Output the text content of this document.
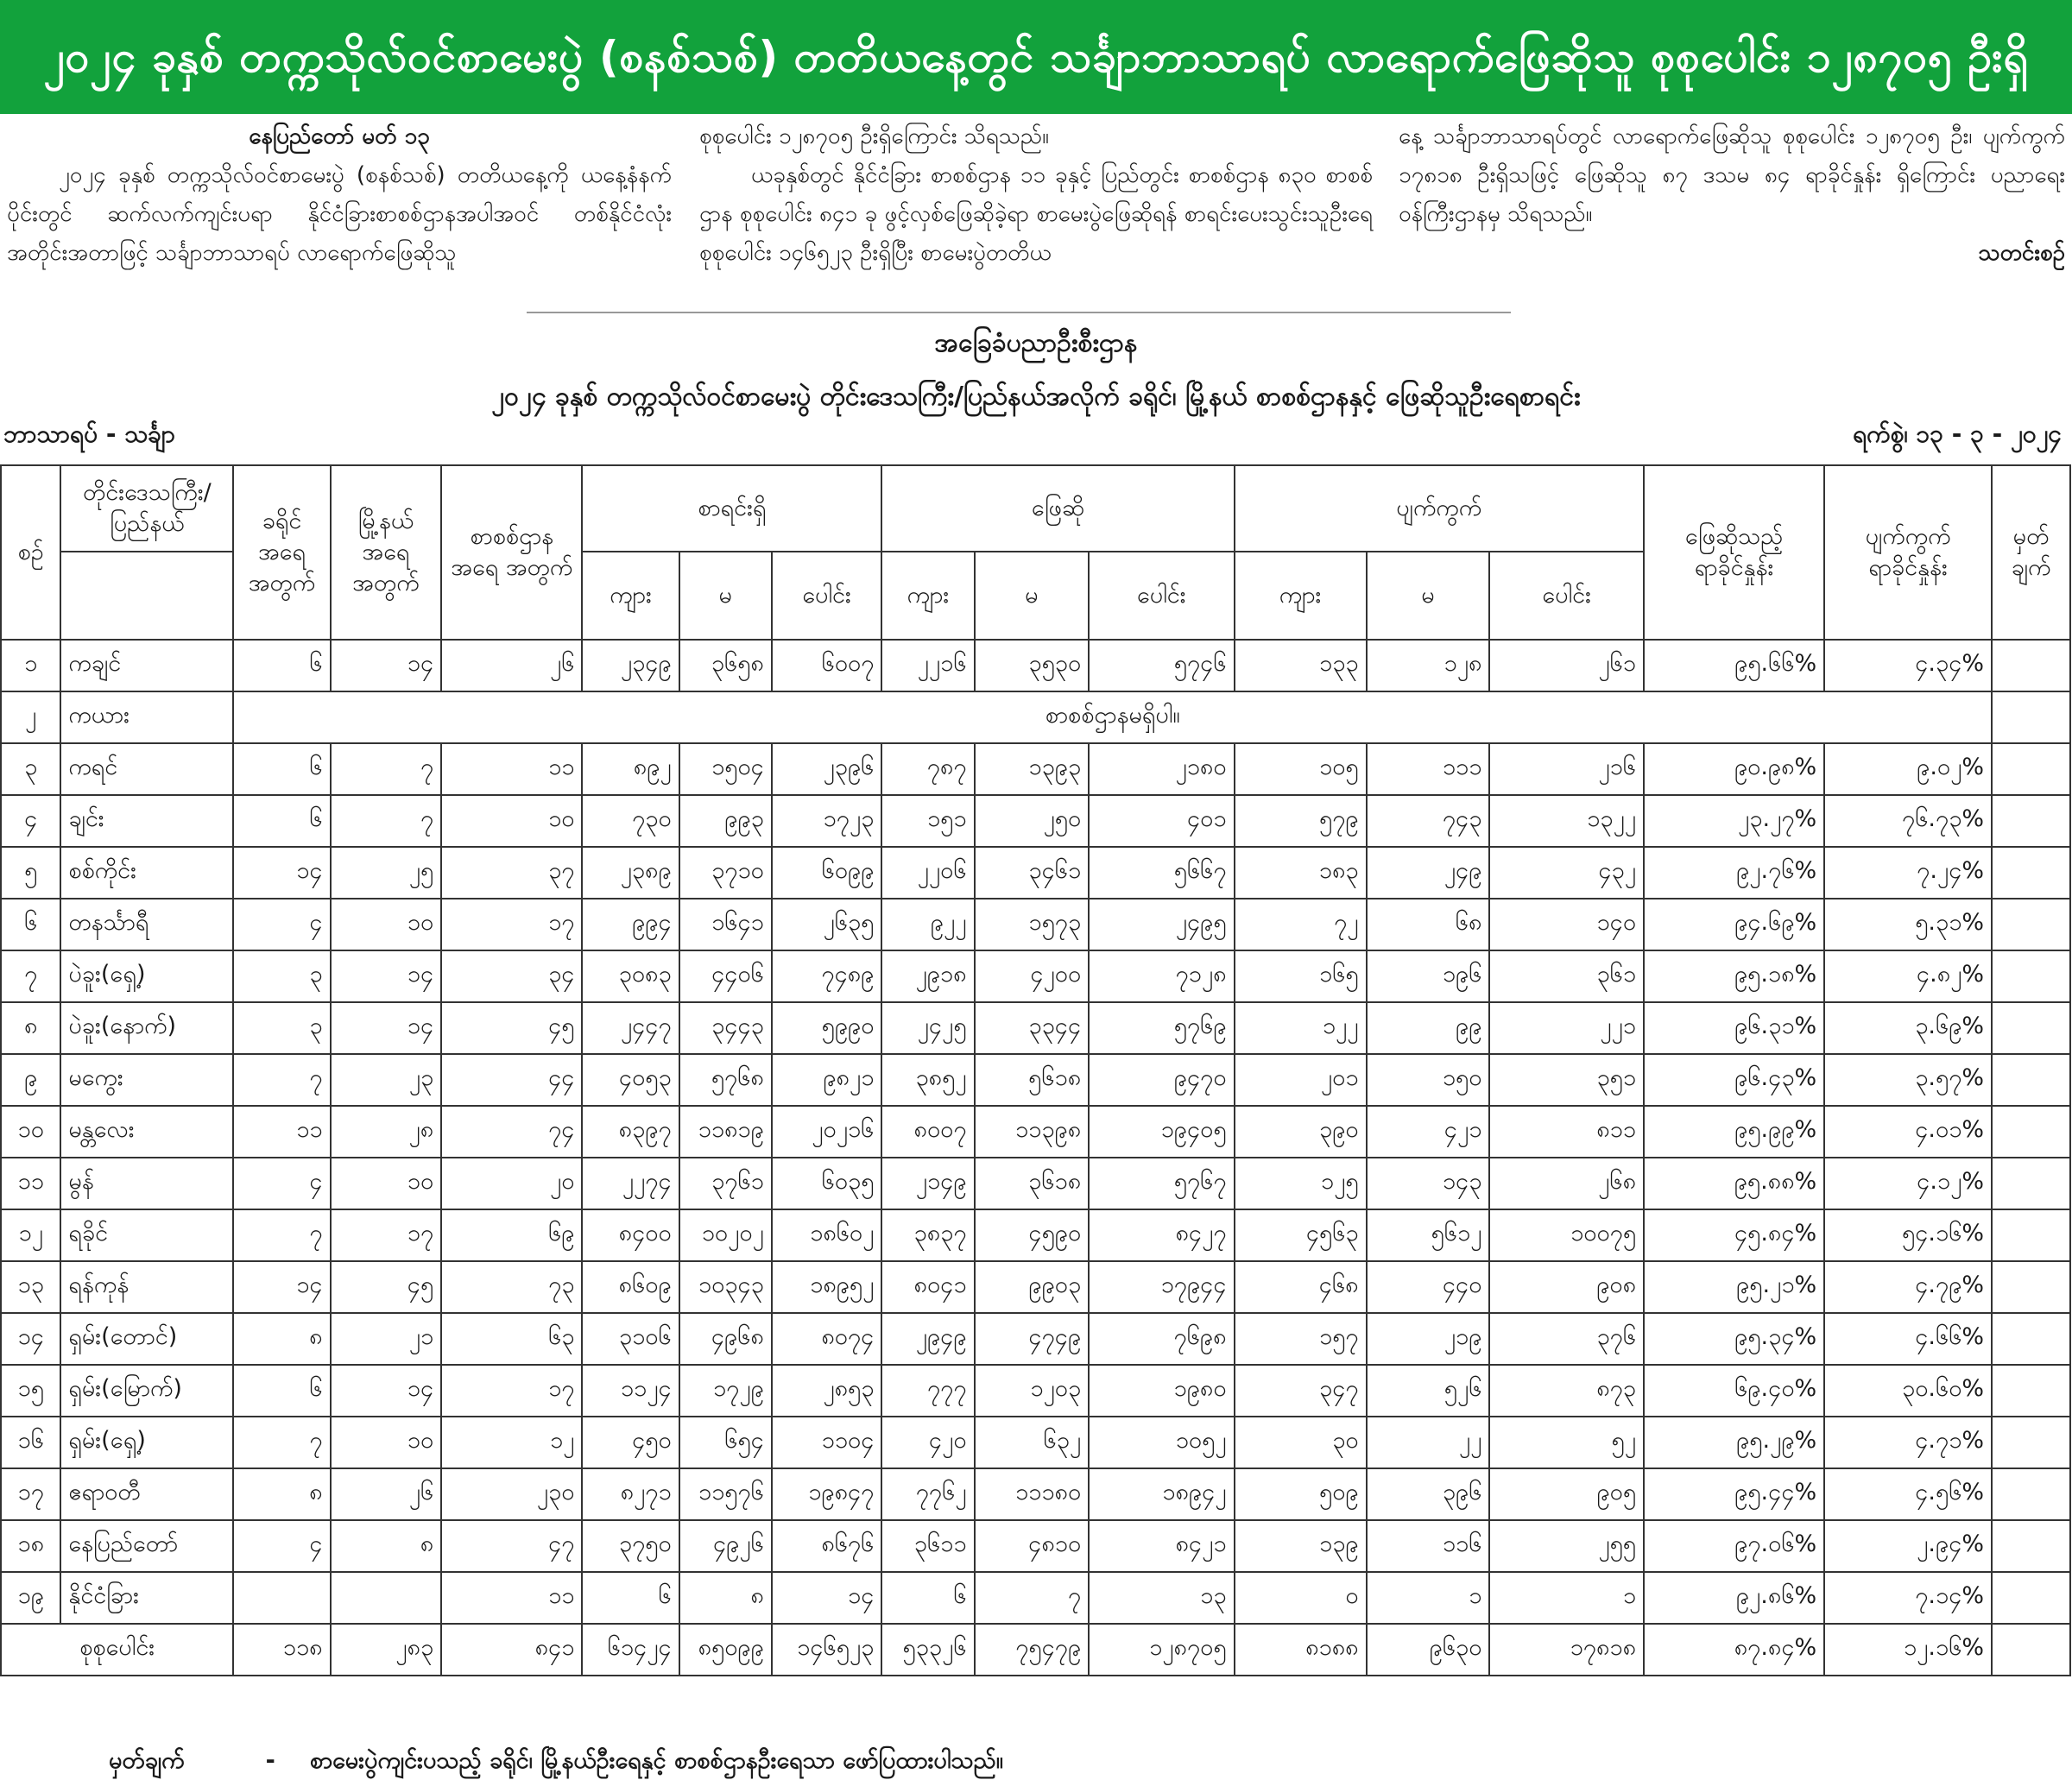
၂၀၂၄ ခုနှစ် တက္ကသိုလ်ဝင်စာမေးပွဲ (စနစ်သစ်) တတိယနေ့တွင် သင်္ချာဘာသာရပ် လာရောက်ဖြေဆိုသူ စုစုပေါင်း ၁၂၈၇၀၅ ဦးရှိ

နေပြည်တော် မတ် ၁၃

၂၀၂၄ ခုနှစ် တက္ကသိုလ်ဝင်စာမေးပွဲ (စနစ်သစ်) တတိယနေ့ကို ယနေ့နံနက်ပိုင်းတွင် ဆက်လက်ကျင်းပရာ နိုင်ငံခြားစာစစ်ဌာနအပါအဝင် တစ်နိုင်ငံလုံးအတိုင်းအတာဖြင့် သင်္ချာဘာသာရပ် လာရောက်ဖြေဆိုသူ

စုစုပေါင်း ၁၂၈၇၀၅ ဦးရှိကြောင်း သိရသည်။

ယခုနှစ်တွင် နိုင်ငံခြား စာစစ်ဌာန ၁၁ ခုနှင့် ပြည်တွင်း စာစစ်ဌာန ၈၃၀ စာစစ်ဌာန စုစုပေါင်း ၈၄၁ ခု ဖွင့်လှစ်ဖြေဆိုခဲ့ရာ စာမေးပွဲဖြေဆိုရန် စာရင်းပေးသွင်းသူဦးရေ စုစုပေါင်း ၁၄၆၅၂၃ ဦးရှိပြီး စာမေးပွဲတတိယ

နေ့ သင်္ချာဘာသာရပ်တွင် လာရောက်ဖြေဆိုသူ စုစုပေါင်း ၁၂၈၇၀၅ ဦး၊ ပျက်ကွက် ၁၇၈၁၈ ဦးရှိသဖြင့် ဖြေဆိုသူ ၈၇ ဒသမ ၈၄ ရာခိုင်နှုန်း ရှိကြောင်း ပညာရေးဝန်ကြီးဌာနမှ သိရသည်။

သတင်းစဉ်

အခြေခံပညာဦးစီးဌာန
၂၀၂၄ ခုနှစ် တက္ကသိုလ်ဝင်စာမေးပွဲ တိုင်းဒေသကြီး/ပြည်နယ်အလိုက် ခရိုင်၊ မြို့နယ် စာစစ်ဌာနနှင့် ဖြေဆိုသူဦးရေစာရင်း
ဘာသာရပ် - သင်္ချာ	ရက်စွဲ၊ ၁၃ - ၃ - ၂၀၂၄
စဉ်	တိုင်းဒေသကြီး/ ပြည်နယ်	ခရိုင် အရေ အတွက်	မြို့နယ် အရေ အတွက်	စာစစ်ဌာန အရေ အတွက်	စာရင်းရှိ			ဖြေဆို			ပျက်ကွက်			ဖြေဆိုသည့် ရာခိုင်နှုန်း	ပျက်ကွက် ရာခိုင်နှုန်း	မှတ် ချက်
					ကျား	မ	ပေါင်း	ကျား	မ	ပေါင်း	ကျား	မ	ပေါင်း			
၁	ကချင်	၆	၁၄	၂၆	၂၃၄၉	၃၆၅၈	၆၀၀၇	၂၂၁၆	၃၅၃၀	၅၇၄၆	၁၃၃	၁၂၈	၂၆၁	၉၅.၆၆%	၄.၃၄%	
၂	ကယား	စာစစ်ဌာနမရှိပါ။														
၃	ကရင်	၆	၇	၁၁	၈၉၂	၁၅၀၄	၂၃၉၆	၇၈၇	၁၃၉၃	၂၁၈၀	၁၀၅	၁၁၁	၂၁၆	၉၀.၉၈%	၉.၀၂%	
၄	ချင်း	၆	၇	၁၀	၇၃၀	၉၉၃	၁၇၂၃	၁၅၁	၂၅၀	၄၀၁	၅၇၉	၇၄၃	၁၃၂၂	၂၃.၂၇%	၇၆.၇၃%	
၅	စစ်ကိုင်း	၁၄	၂၅	၃၇	၂၃၈၉	၃၇၁၀	၆၀၉၉	၂၂၀၆	၃၄၆၁	၅၆၆၇	၁၈၃	၂၄၉	၄၃၂	၉၂.၇၆%	၇.၂၄%	
၆	တနင်္သာရီ	၄	၁၀	၁၇	၉၉၄	၁၆၄၁	၂၆၃၅	၉၂၂	၁၅၇၃	၂၄၉၅	၇၂	၆၈	၁၄၀	၉၄.၆၉%	၅.၃၁%	
၇	ပဲခူး(ရှေ့)	၃	၁၄	၃၄	၃၀၈၃	၄၄၀၆	၇၄၈၉	၂၉၁၈	၄၂၀၀	၇၁၂၈	၁၆၅	၁၉၆	၃၆၁	၉၅.၁၈%	၄.၈၂%	
၈	ပဲခူး(နောက်)	၃	၁၄	၄၅	၂၄၄၇	၃၄၄၃	၅၉၉၀	၂၄၂၅	၃၃၄၄	၅၇၆၉	၁၂၂	၉၉	၂၂၁	၉၆.၃၁%	၃.၆၉%	
၉	မကွေး	၇	၂၃	၄၄	၄၀၅၃	၅၇၆၈	၉၈၂၁	၃၈၅၂	၅၆၁၈	၉၄၇၀	၂၀၁	၁၅၀	၃၅၁	၉၆.၄၃%	၃.၅၇%	
၁၀	မန္တလေး	၁၁	၂၈	၇၄	၈၃၉၇	၁၁၈၁၉	၂၀၂၁၆	၈၀၀၇	၁၁၃၉၈	၁၉၄၀၅	၃၉၀	၄၂၁	၈၁၁	၉၅.၉၉%	၄.၀၁%	
၁၁	မွန်	၄	၁၀	၂၀	၂၂၇၄	၃၇၆၁	၆၀၃၅	၂၁၄၉	၃၆၁၈	၅၇၆၇	၁၂၅	၁၄၃	၂၆၈	၉၅.၈၈%	၄.၁၂%	
၁၂	ရခိုင်	၇	၁၇	၆၉	၈၄၀၀	၁၀၂၀၂	၁၈၆၀၂	၃၈၃၇	၄၅၉၀	၈၄၂၇	၄၅၆၃	၅၆၁၂	၁၀၀၇၅	၄၅.၈၄%	၅၄.၁၆%	
၁၃	ရန်ကုန်	၁၄	၄၅	၇၃	၈၆၀၉	၁၀၃၄၃	၁၈၉၅၂	၈၀၄၁	၉၉၀၃	၁၇၉၄၄	၄၆၈	၄၄၀	၉၀၈	၉၅.၂၁%	၄.၇၉%	
၁၄	ရှမ်း(တောင်)	၈	၂၁	၆၃	၃၁၀၆	၄၉၆၈	၈၀၇၄	၂၉၄၉	၄၇၄၉	၇၆၉၈	၁၅၇	၂၁၉	၃၇၆	၉၅.၃၄%	၄.၆၆%	
၁၅	ရှမ်း(မြောက်)	၆	၁၄	၁၇	၁၁၂၄	၁၇၂၉	၂၈၅၃	၇၇၇	၁၂၀၃	၁၉၈၀	၃၄၇	၅၂၆	၈၇၃	၆၉.၄၀%	၃၀.၆၀%	
၁၆	ရှမ်း(ရှေ့)	၇	၁၀	၁၂	၄၅၀	၆၅၄	၁၁၀၄	၄၂၀	၆၃၂	၁၀၅၂	၃၀	၂၂	၅၂	၉၅.၂၉%	၄.၇၁%	
၁၇	ဧရာဝတီ	၈	၂၆	၂၃၀	၈၂၇၁	၁၁၅၇၆	၁၉၈၄၇	၇၇၆၂	၁၁၁၈၀	၁၈၉၄၂	၅၀၉	၃၉၆	၉၀၅	၉၅.၄၄%	၄.၅၆%	
၁၈	နေပြည်တော်	၄	၈	၄၇	၃၇၅၀	၄၉၂၆	၈၆၇၆	၃၆၁၁	၄၈၁၀	၈၄၂၁	၁၃၉	၁၁၆	၂၅၅	၉၇.၀၆%	၂.၉၄%	
၁၉	နိုင်ငံခြား			၁၁	၆	၈	၁၄	၆	၇	၁၃	၀	၁	၁	၉၂.၈၆%	၇.၁၄%	
စုစုပေါင်း		၁၁၈	၂၈၃	၈၄၁	၆၁၄၂၄	၈၅၀၉၉	၁၄၆၅၂၃	၅၃၃၂၆	၇၅၄၇၉	၁၂၈၇၀၅	၈၁၈၈	၉၆၃၀	၁၇၈၁၈	၈၇.၈၄%	၁၂.၁၆%	
မှတ်ချက်	- စာမေးပွဲကျင်းပသည့် ခရိုင်၊ မြို့နယ်ဦးရေနှင့် စာစစ်ဌာနဦးရေသာ ဖော်ပြထားပါသည်။
